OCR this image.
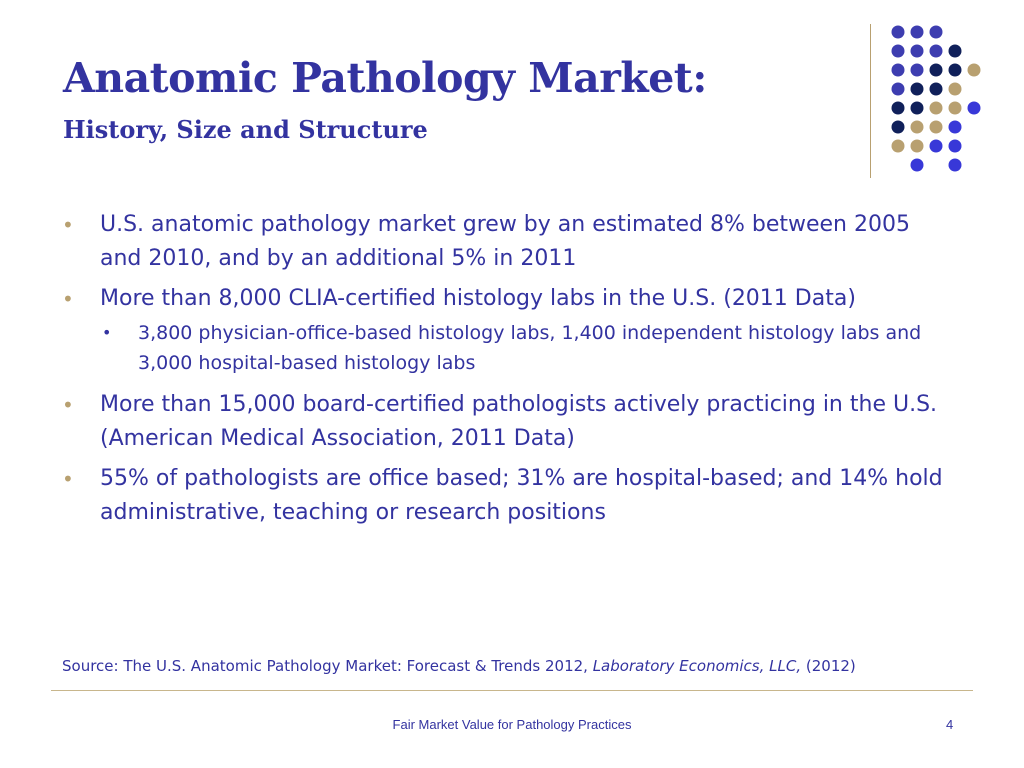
Anatomic Pathology Market:
History, Size and Structure
• U.S. anatomic pathology market grew by an estimated 8% between 2005 and 2010, and by an additional 5% in 2011
• More than 8,000 CLIA-certified histology labs in the U.S. (2011 Data)
• 3,800 physician-office-based histology labs, 1,400 independent histology labs and 3,000 hospital-based histology labs
• More than 15,000 board-certified pathologists actively practicing in the U.S. (American Medical Association, 2011 Data)
• 55% of pathologists are office based; 31% are hospital-based; and 14% hold administrative, teaching or research positions
Source: The U.S. Anatomic Pathology Market: Forecast & Trends 2012, Laboratory Economics, LLC, (2012)
Fair Market Value for Pathology Practices	4
